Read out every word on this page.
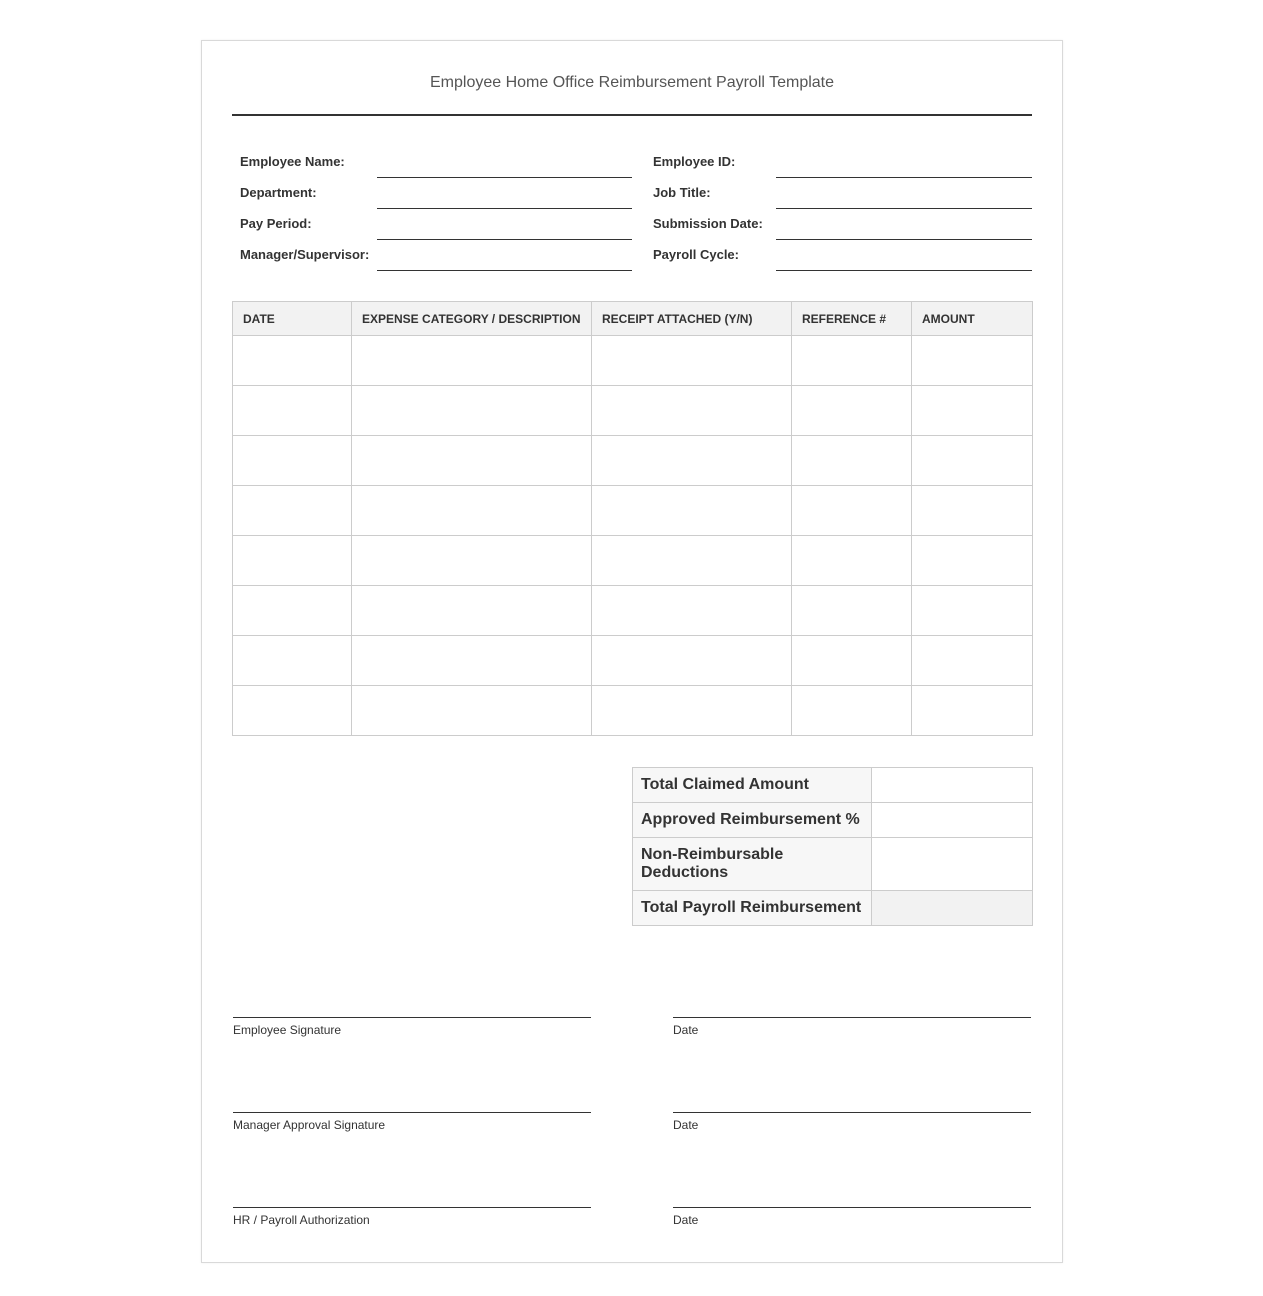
Employee Home Office Reimbursement Payroll Template
Employee Name:
Department:
Pay Period:
Manager/Supervisor:
Employee ID:
Job Title:
Submission Date:
Payroll Cycle:
DATE	EXPENSE CATEGORY / DESCRIPTION	RECEIPT ATTACHED (Y/N)	REFERENCE #	AMOUNT

Total Claimed Amount	
Approved Reimbursement %	
Non-Reimbursable Deductions	
Total Payroll Reimbursement	
Employee Signature	Date
Manager Approval Signature	Date
HR / Payroll Authorization	Date
